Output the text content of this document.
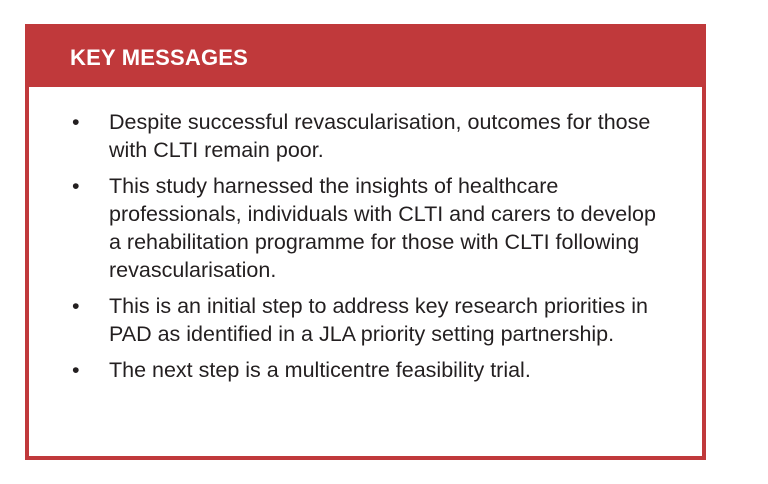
KEY MESSAGES
• Despite successful revascularisation, outcomes for those with CLTI remain poor.
• This study harnessed the insights of healthcare professionals, individuals with CLTI and carers to develop a rehabilitation programme for those with CLTI following revascularisation.
• This is an initial step to address key research priorities in PAD as identified in a JLA priority setting partnership.
• The next step is a multicentre feasibility trial.
